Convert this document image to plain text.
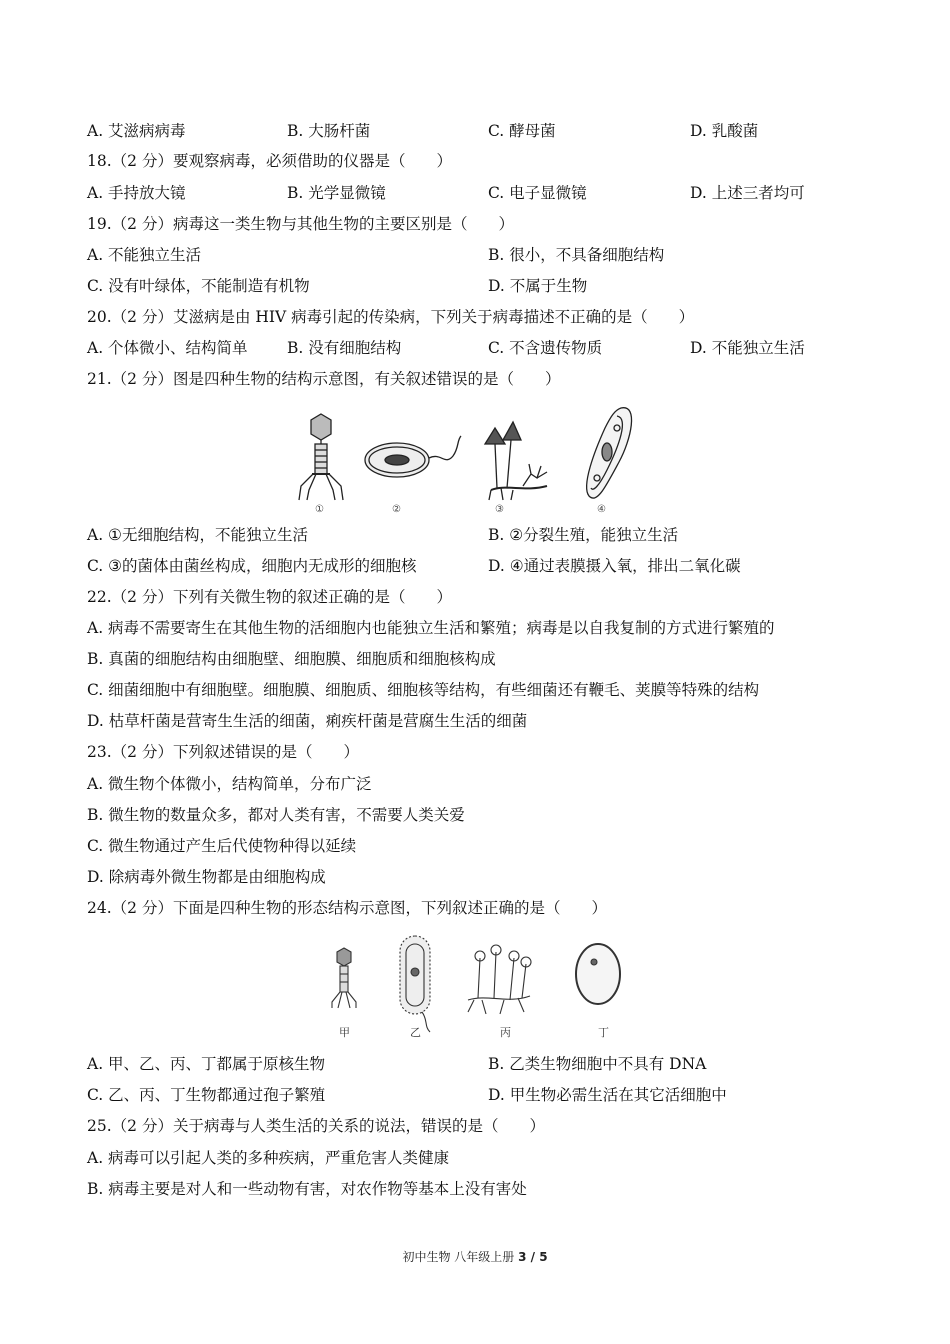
A. 艾滋病病毒	B. 大肠杆菌	C. 酵母菌	D. 乳酸菌
18.（2 分）要观察病毒，必须借助的仪器是（　　）
A. 手持放大镜	B. 光学显微镜	C. 电子显微镜	D. 上述三者均可
19.（2 分）病毒这一类生物与其他生物的主要区别是（　　）
A. 不能独立生活	B. 很小，不具备细胞结构
C. 没有叶绿体，不能制造有机物	D. 不属于生物
20.（2 分）艾滋病是由 HIV 病毒引起的传染病，下列关于病毒描述不正确的是（　　）
A. 个体微小、结构简单	B. 没有细胞结构	C. 不含遗传物质	D. 不能独立生活
21.（2 分）图是四种生物的结构示意图，有关叙述错误的是（　　）
①	②	③	④
A. ①无细胞结构，不能独立生活	B. ②分裂生殖，能独立生活
C. ③的菌体由菌丝构成，细胞内无成形的细胞核	D. ④通过表膜摄入氧，排出二氧化碳
22.（2 分）下列有关微生物的叙述正确的是（　　）
A. 病毒不需要寄生在其他生物的活细胞内也能独立生活和繁殖；病毒是以自我复制的方式进行繁殖的
B. 真菌的细胞结构由细胞壁、细胞膜、细胞质和细胞核构成
C. 细菌细胞中有细胞壁。细胞膜、细胞质、细胞核等结构，有些细菌还有鞭毛、荚膜等特殊的结构
D. 枯草杆菌是营寄生生活的细菌，痢疾杆菌是营腐生生活的细菌
23.（2 分）下列叙述错误的是（　　）
A. 微生物个体微小，结构简单，分布广泛
B. 微生物的数量众多，都对人类有害，不需要人类关爱
C. 微生物通过产生后代使物种得以延续
D. 除病毒外微生物都是由细胞构成
24.（2 分）下面是四种生物的形态结构示意图，下列叙述正确的是（　　）
甲	乙	丙	丁
A. 甲、乙、丙、丁都属于原核生物	B. 乙类生物细胞中不具有 DNA
C. 乙、丙、丁生物都通过孢子繁殖	D. 甲生物必需生活在其它活细胞中
25.（2 分）关于病毒与人类生活的关系的说法，错误的是（　　）
A. 病毒可以引起人类的多种疾病，严重危害人类健康
B. 病毒主要是对人和一些动物有害，对农作物等基本上没有害处
初中生物 八年级上册 3 / 5
